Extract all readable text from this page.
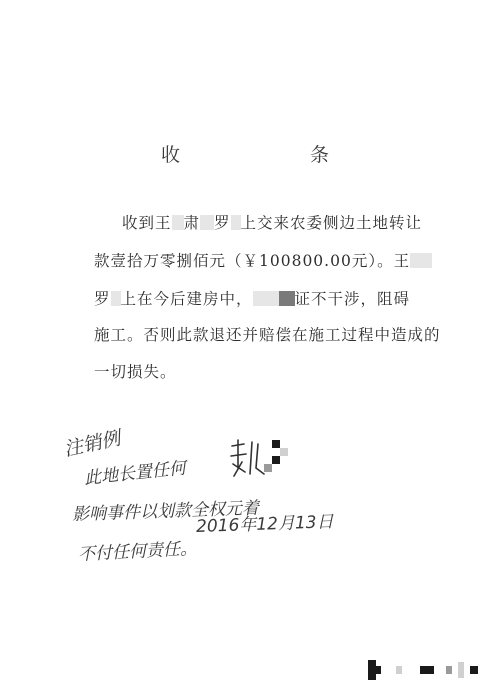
收 条
收到王 肃 罗 上交来农委侧边土地转让
款壹拾万零捌佰元（￥100800.00元）。王
罗 上在今后建房中，	证不干涉，阻碍
施工。否则此款退还并赔偿在施工过程中造成的
一切损失。
注销例
此地长置任何
影响事件以划款全权元着
2016年12月13日
不付任何责任。
